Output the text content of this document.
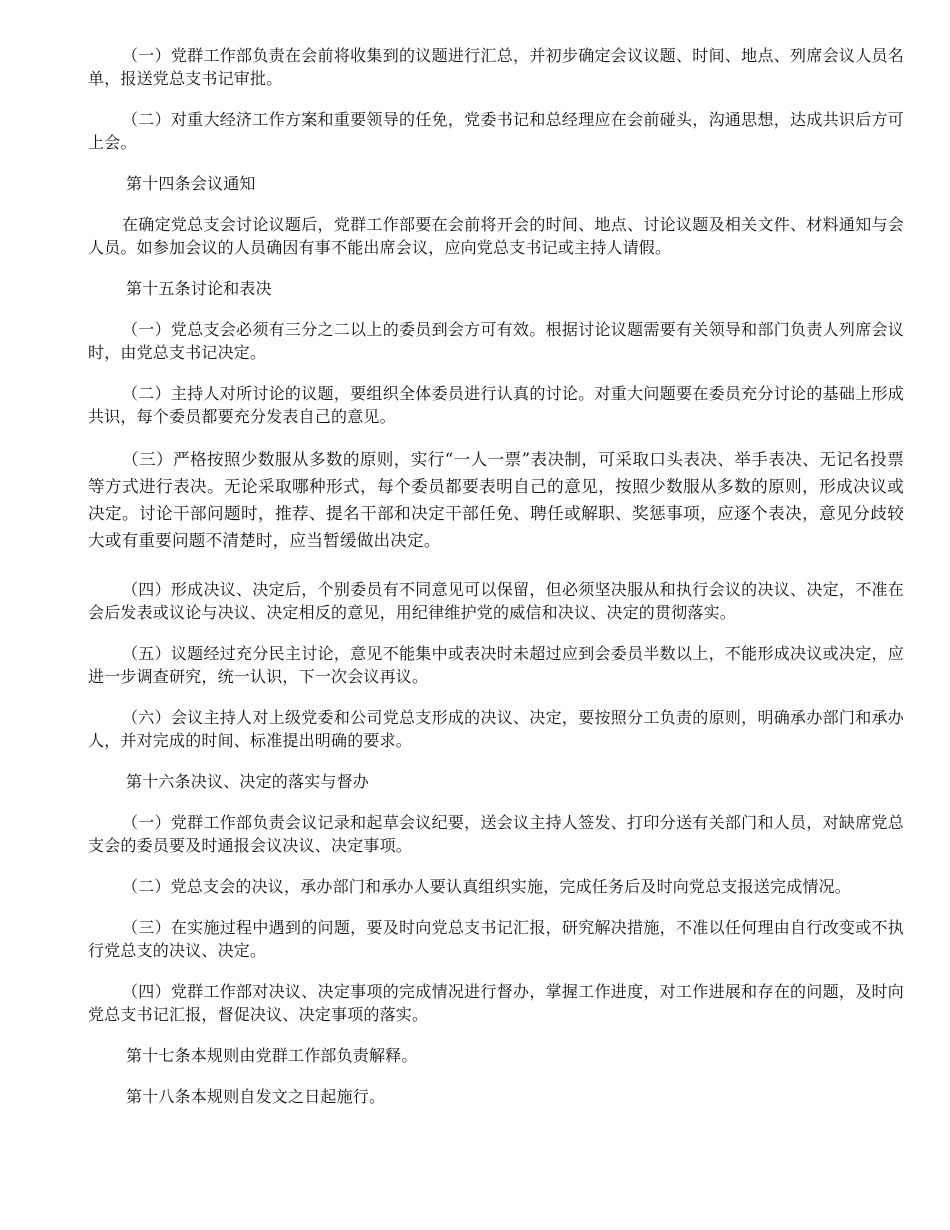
（一）党群工作部负责在会前将收集到的议题进行汇总，并初步确定会议议题、时间、地点、列席会议人员名单，报送党总支书记审批。

（二）对重大经济工作方案和重要领导的任免，党委书记和总经理应在会前碰头，沟通思想，达成共识后方可上会。

第十四条会议通知

在确定党总支会讨论议题后，党群工作部要在会前将开会的时间、地点、讨论议题及相关文件、材料通知与会人员。如参加会议的人员确因有事不能出席会议，应向党总支书记或主持人请假。

第十五条讨论和表决

（一）党总支会必须有三分之二以上的委员到会方可有效。根据讨论议题需要有关领导和部门负责人列席会议时，由党总支书记决定。

（二）主持人对所讨论的议题，要组织全体委员进行认真的讨论。对重大问题要在委员充分讨论的基础上形成共识，每个委员都要充分发表自己的意见。

（三）严格按照少数服从多数的原则，实行“一人一票”表决制，可采取口头表决、举手表决、无记名投票等方式进行表决。无论采取哪种形式，每个委员都要表明自己的意见，按照少数服从多数的原则，形成决议或决定。讨论干部问题时，推荐、提名干部和决定干部任免、聘任或解职、奖惩事项，应逐个表决，意见分歧较大或有重要问题不清楚时，应当暂缓做出决定。

（四）形成决议、决定后，个别委员有不同意见可以保留，但必须坚决服从和执行会议的决议、决定，不准在会后发表或议论与决议、决定相反的意见，用纪律维护党的威信和决议、决定的贯彻落实。

（五）议题经过充分民主讨论，意见不能集中或表决时未超过应到会委员半数以上，不能形成决议或决定，应进一步调查研究，统一认识，下一次会议再议。

（六）会议主持人对上级党委和公司党总支形成的决议、决定，要按照分工负责的原则，明确承办部门和承办人，并对完成的时间、标准提出明确的要求。

第十六条决议、决定的落实与督办

（一）党群工作部负责会议记录和起草会议纪要，送会议主持人签发、打印分送有关部门和人员，对缺席党总支会的委员要及时通报会议决议、决定事项。

（二）党总支会的决议，承办部门和承办人要认真组织实施，完成任务后及时向党总支报送完成情况。

（三）在实施过程中遇到的问题，要及时向党总支书记汇报，研究解决措施，不准以任何理由自行改变或不执行党总支的决议、决定。

（四）党群工作部对决议、决定事项的完成情况进行督办，掌握工作进度，对工作进展和存在的问题，及时向党总支书记汇报，督促决议、决定事项的落实。

第十七条本规则由党群工作部负责解释。

第十八条本规则自发文之日起施行。
